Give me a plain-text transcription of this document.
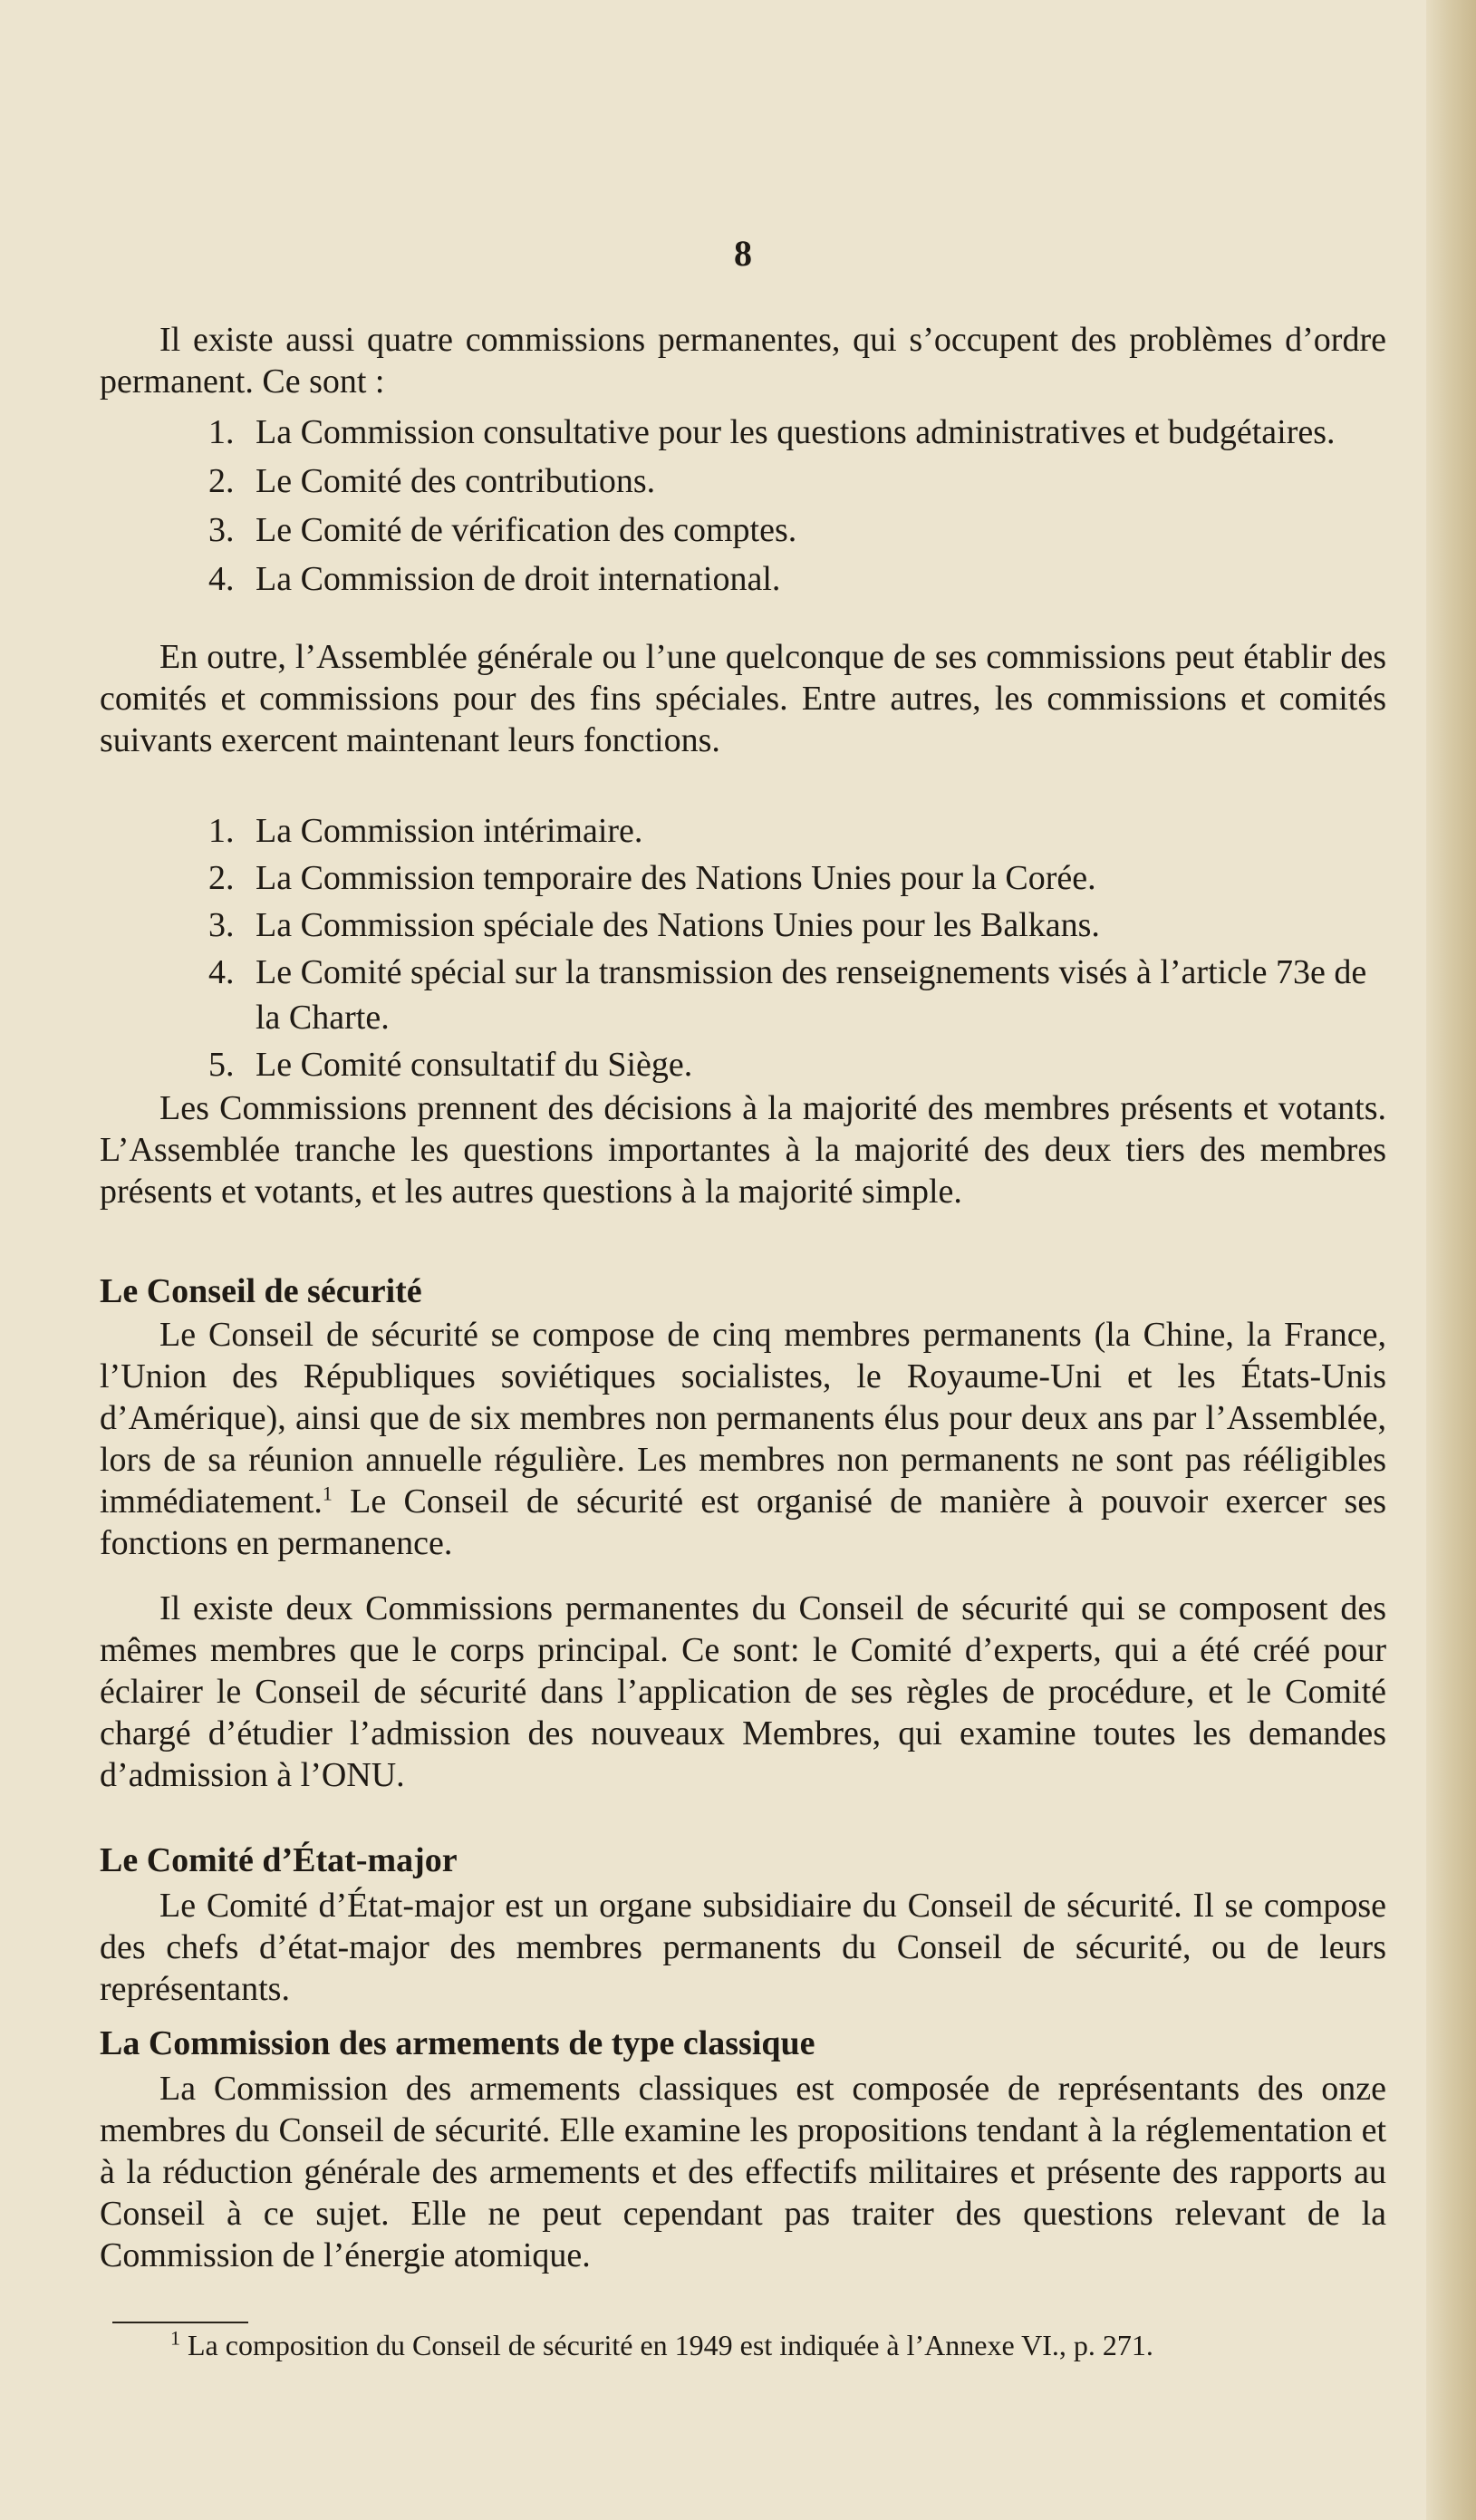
8

Il existe aussi quatre commissions permanentes, qui s’occupent des problèmes d’ordre permanent. Ce sont :

1. La Commission consultative pour les questions administratives et budgétaires.
2. Le Comité des contributions.
3. Le Comité de vérification des comptes.
4. La Commission de droit international.

En outre, l’Assemblée générale ou l’une quelconque de ses commissions peut établir des comités et commissions pour des fins spéciales. Entre autres, les commissions et comités suivants exercent maintenant leurs fonctions.

1. La Commission intérimaire.
2. La Commission temporaire des Nations Unies pour la Corée.
3. La Commission spéciale des Nations Unies pour les Balkans.
4. Le Comité spécial sur la transmission des renseignements visés à l’article 73e de la Charte.
5. Le Comité consultatif du Siège.

Les Commissions prennent des décisions à la majorité des membres présents et votants. L’Assemblée tranche les questions importantes à la majorité des deux tiers des membres présents et votants, et les autres questions à la majorité simple.

Le Conseil de sécurité

Le Conseil de sécurité se compose de cinq membres permanents (la Chine, la France, l’Union des Républiques soviétiques socialistes, le Royaume-Uni et les États-Unis d’Amérique), ainsi que de six membres non permanents élus pour deux ans par l’Assemblée, lors de sa réunion annuelle régulière. Les membres non permanents ne sont pas rééligibles immédiatement.$^1$ Le Conseil de sécurité est organisé de manière à pouvoir exercer ses fonctions en permanence.

Il existe deux Commissions permanentes du Conseil de sécurité qui se composent des mêmes membres que le corps principal. Ce sont: le Comité d’experts, qui a été créé pour éclairer le Conseil de sécurité dans l’application de ses règles de procédure, et le Comité chargé d’étudier l’admission des nouveaux Membres, qui examine toutes les demandes d’admission à l’ONU.

Le Comité d’État-major

Le Comité d’État-major est un organe subsidiaire du Conseil de sécurité. Il se compose des chefs d’état-major des membres permanents du Conseil de sécurité, ou de leurs représentants.

La Commission des armements de type classique

La Commission des armements classiques est composée de représentants des onze membres du Conseil de sécurité. Elle examine les propositions tendant à la réglementation et à la réduction générale des armements et des effectifs militaires et présente des rapports au Conseil à ce sujet. Elle ne peut cependant pas traiter des questions relevant de la Commission de l’énergie atomique.

$^1$ La composition du Conseil de sécurité en 1949 est indiquée à l’Annexe VI., p. 271.
